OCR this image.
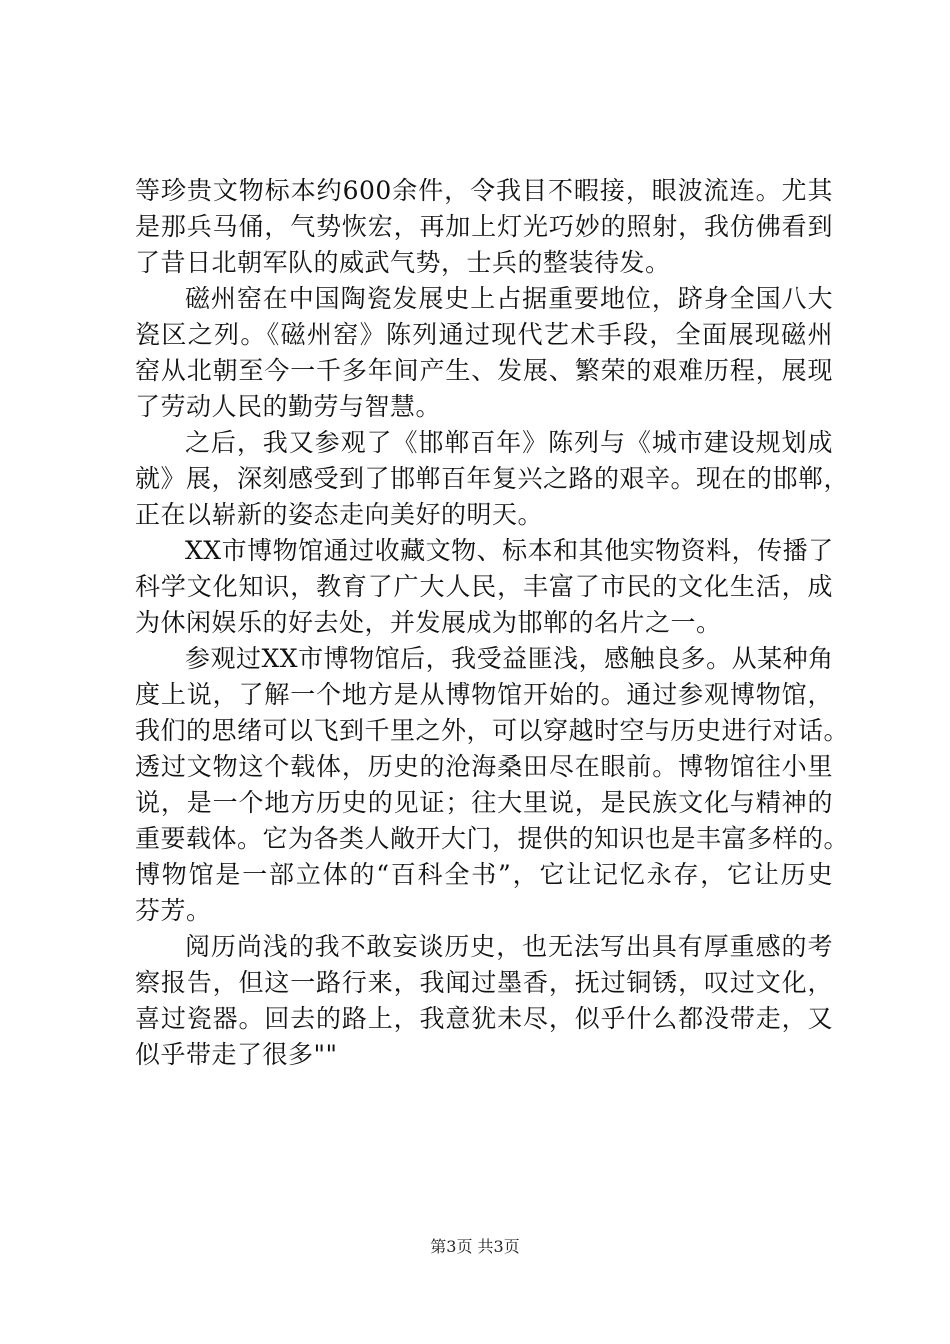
等珍贵文物标本约600余件，令我目不暇接，眼波流连。尤其
是那兵马俑，气势恢宏，再加上灯光巧妙的照射，我仿佛看到
了昔日北朝军队的威武气势，士兵的整装待发。
磁州窑在中国陶瓷发展史上占据重要地位，跻身全国八大
瓷区之列。《磁州窑》陈列通过现代艺术手段，全面展现磁州
窑从北朝至今一千多年间产生、发展、繁荣的艰难历程，展现
了劳动人民的勤劳与智慧。
之后，我又参观了《邯郸百年》陈列与《城市建设规划成
就》展，深刻感受到了邯郸百年复兴之路的艰辛。现在的邯郸，
正在以崭新的姿态走向美好的明天。
XX市博物馆通过收藏文物、标本和其他实物资料，传播了
科学文化知识，教育了广大人民，丰富了市民的文化生活，成
为休闲娱乐的好去处，并发展成为邯郸的名片之一。
参观过XX市博物馆后，我受益匪浅，感触良多。从某种角
度上说，了解一个地方是从博物馆开始的。通过参观博物馆，
我们的思绪可以飞到千里之外，可以穿越时空与历史进行对话。
透过文物这个载体，历史的沧海桑田尽在眼前。博物馆往小里
说，是一个地方历史的见证；往大里说，是民族文化与精神的
重要载体。它为各类人敞开大门，提供的知识也是丰富多样的。
博物馆是一部立体的“百科全书”，它让记忆永存，它让历史
芬芳。
阅历尚浅的我不敢妄谈历史，也无法写出具有厚重感的考
察报告，但这一路行来，我闻过墨香，抚过铜锈，叹过文化，
喜过瓷器。回去的路上，我意犹未尽，似乎什么都没带走，又
似乎带走了很多""
第3页 共3页
